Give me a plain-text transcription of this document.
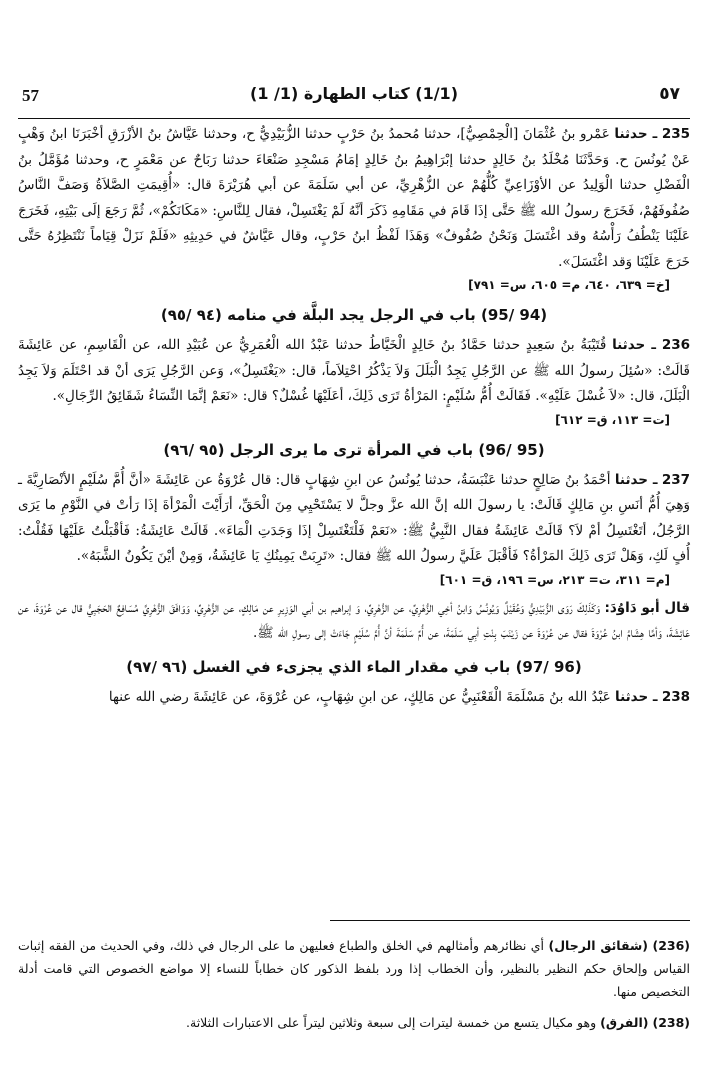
57	(1/1) كتاب الطهارة (1/ 1)	٥٧

235 ـ حدثنا عَمْرو بنُ عُثْمَانَ [الْحِمْصِيُّ]، حدثنا مُحمدُ بنُ حَرْبٍ حدثنا الزُّبَيْدِيُّ ح، وحدثنا عَيَّاشُ بنُ الأزْرَقِ أخْبَرَنَا ابنُ وَهْبٍ عَنْ يُونُسَ ح. وَحَدَّثَنَا مُخْلَدُ بنُ خَالِدٍ حدثنا إبْرَاهِيمُ بنُ خَالِدٍ إمَامُ مَسْجِدِ صَنْعَاءَ حدثنا رَبَاحٌ عن مَعْمَرٍ ح، وحدثنا مُؤَمَّلُ بنُ الْفَضْلِ حدثنا الْوَلِيدُ عن الأوْزَاعِيِّ كُلُّهُمْ عن الزُّهْرِيِّ، عن أبي سَلَمَةَ عن أبي هُرَيْرَةَ قال: «أُقِيمَتِ الصَّلاَةُ وَصَفَّ النَّاسُ صُفُوفَهُمْ، فَخَرَجَ رسولُ الله ﷺ حَتَّى إذَا قَامَ في مَقَامِهِ ذَكَرَ أنَّهُ لَمْ يَغْتَسِلْ، فقال لِلنَّاسِ: «مَكَانَكُمْ»، ثُمَّ رَجَعَ إلَى بَيْتِهِ، فَخَرَجَ عَلَيْنَا يَنْطُفُ رَأْسُهُ وقد اغْتَسَلَ وَنَحْنُ صُفُوفٌ» وَهَذَا لَفْظُ ابنُ حَرْبٍ، وقال عَيَّاشٌ في حَدِيثِهِ «فَلَمْ نَزَلْ قِيَاماً نَنْتَظِرُهُ حَتَّى خَرَجَ عَلَيْنَا وَقد اغْتَسَلَ».

[خ= ٦٣٩، ٦٤٠، م= ٦٠٥، س= ٧٩١]
(94 /95) باب في الرجل يجد البلَّة في منامه (٩٤ /٩٥)

236 ـ حدثنا قُتَيْبَةُ بنُ سَعِيدٍ حدثنا حَمَّادُ بنُ خَالِدٍ الْخَيَّاطُ حدثنا عَبْدُ الله الْعُمَرِيُّ عن عُبَيْدِ الله، عن الْقَاسِمِ، عن عَائِشَةَ قَالَتْ: «سُئِلَ رسولُ الله ﷺ عن الرَّجُلِ يَجِدُ الْبَلَلَ وَلاَ يَذْكُرُ احْتِلاَماً، قال: «يَغْتَسِلُ»، وَعن الرَّجُلِ يَرَى أنْ قد احْتَلَمَ وَلاَ يَجِدُ الْبَلَلَ، قال: «لاَ غُسْلَ عَلَيْهِ». فَقَالَتْ أُمُّ سُلَيْمٍ: المَرْأةُ تَرَى ذَلِكَ، أعَلَيْهَا غُسْلٌ؟ قال: «نَعَمْ إنَّمَا النِّسَاءُ شَقَائِقُ الرِّجَالِ».

[ت= ١١٣، ق= ٦١٢]
(95 /96) باب في المرأة ترى ما يرى الرجل (٩٥ /٩٦)

237 ـ حدثنا أحْمَدُ بنُ صَالِحٍ حدثنا عَنْبَسَةُ، حدثنا يُونُسُ عن ابنِ شِهَابٍ قال: قال عُرْوَةُ عن عَائِشَةَ «أنَّ أُمَّ سُلَيْمٍ الأنْصَارِيَّةَ ـ وَهِيَ أُمُّ أنَسِ بنِ مَالِكٍ قَالَتْ: يا رسولَ الله إنَّ الله عزَّ وجلَّ لا يَسْتَحْيِي مِنَ الْحَقِّ، أرَأَيْتَ الْمَرْأةَ إذَا رَأتْ في النَّوْمِ ما يَرَى الرَّجُلُ، أتَغْتَسِلُ أمْ لاَ؟ قَالَتْ عَائِشَةُ فقال النَّبِيُّ ﷺ: «نَعَمْ فَلْتَغْتَسِلْ إذَا وَجَدَتِ الْمَاءَ». قَالَتْ عَائِشَةُ: فَأقْبَلْتُ عَلَيْهَا فَقُلْتُ: أُفٍ لَكِ، وَهَلْ تَرَى ذَلِكَ المَرْأةُ؟ فَأقْبَلَ عَلَيَّ رسولُ الله ﷺ فقال: «تَرِبَتْ يَمِينُكِ يَا عَائِشَةُ، وَمِنْ أيْنَ يَكُونُ الشَّبَهُ».

[م= ٣١١، ت= ٢١٣، س= ١٩٦، ق= ٦٠١]

قال أبو دَاوُدَ: وَكَذَلِكَ رَوَى الزُّبَيْدِيُّ وَعُقَيْلٌ وَيُونُسُ وَابنُ أخِي الزُّهْرِيِّ، عن الزُّهْرِيِّ، وَ إبراهيم بن أبي الوَزِيرِ عن مَالِكٍ، عن الزُّهْرِيِّ، وَوَافَقَ الزُّهْرِيَّ مُسَافِعٌ الحَجَبِيُّ قال عن عُرْوَةَ، عن عَائِشَةَ، وَأمَّا هِشَامُ ابنُ عُرْوَةَ فقال عن عُرْوَةَ عن زَيْنَبَ بِنْتِ أبِي سَلَمَةَ، عن أُمِّ سَلَمَةَ أنَّ أُمَّ سُلَيْمٍ جَاءَتْ إلى رسولِ الله ﷺ.

(96 /97) باب في مقدار الماء الذي يجزىء في الغسل (٩٦ /٩٧)

238 ـ حدثنا عَبْدُ الله بنُ مَسْلَمَةَ الْقَعْنَبِيُّ عن مَالِكٍ، عن ابنِ شِهَابٍ، عن عُرْوَةَ، عن عَائِشَةَ رضي الله عنها

(236) (شقائق الرجال) أي نظائرهم وأمثالهم في الخلق والطباع فعليهن ما على الرجال في ذلك، وفي الحديث من الفقه إثبات القياس وإلحاق حكم النظير بالنظير، وأن الخطاب إذا ورد بلفظ الذكور كان خطاباً للنساء إلا مواضع الخصوص التي قامت أدلة التخصيص منها.

(238) (الفرق) وهو مكيال يتسع من خمسة ليترات إلى سبعة وثلاثين ليتراً على الاعتبارات الثلاثة.
